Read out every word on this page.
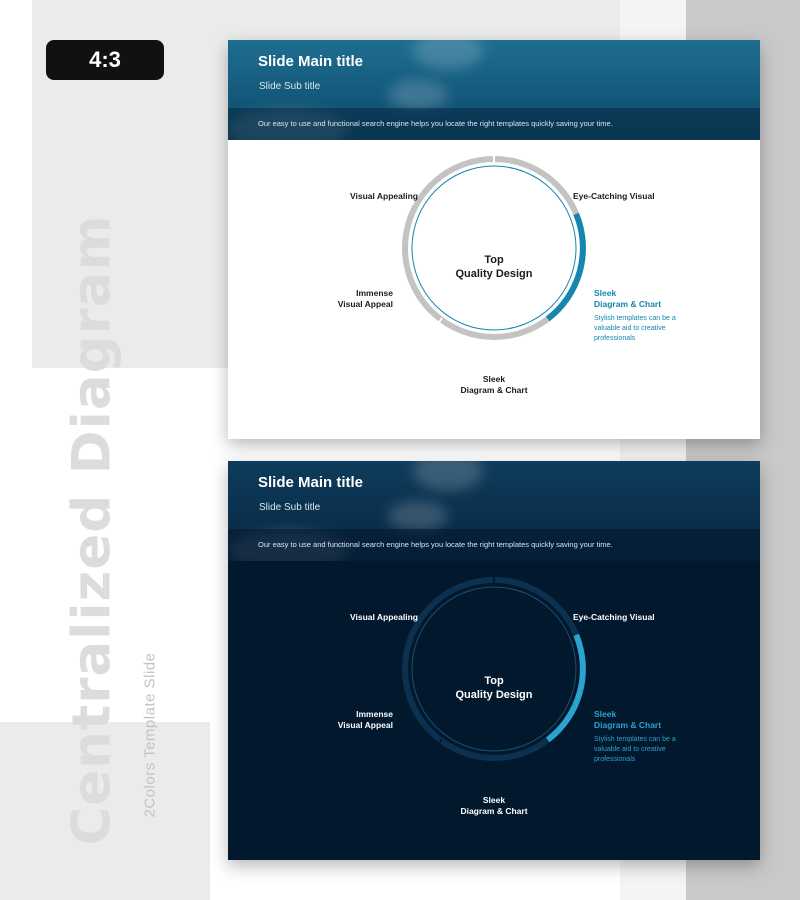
4:3
Centralized Diagram 2Colors Template Slide
Slide Main title
Slide Sub title
Our easy to use and functional search engine helps you locate the right templates quickly saving your time.
Visual Appealing	Eye-Catching Visual
Immense
Visual Appeal
Sleek
Diagram & Chart
Sleek
Diagram & Chart
Stylish templates can be a valuable aid to creative professionals
Top
Quality Design
Slide Main title
Slide Sub title
Our easy to use and functional search engine helps you locate the right templates quickly saving your time.
Visual Appealing	Eye-Catching Visual
Immense
Visual Appeal
Sleek
Diagram & Chart
Sleek
Diagram & Chart
Stylish templates can be a valuable aid to creative professionals
Top
Quality Design
